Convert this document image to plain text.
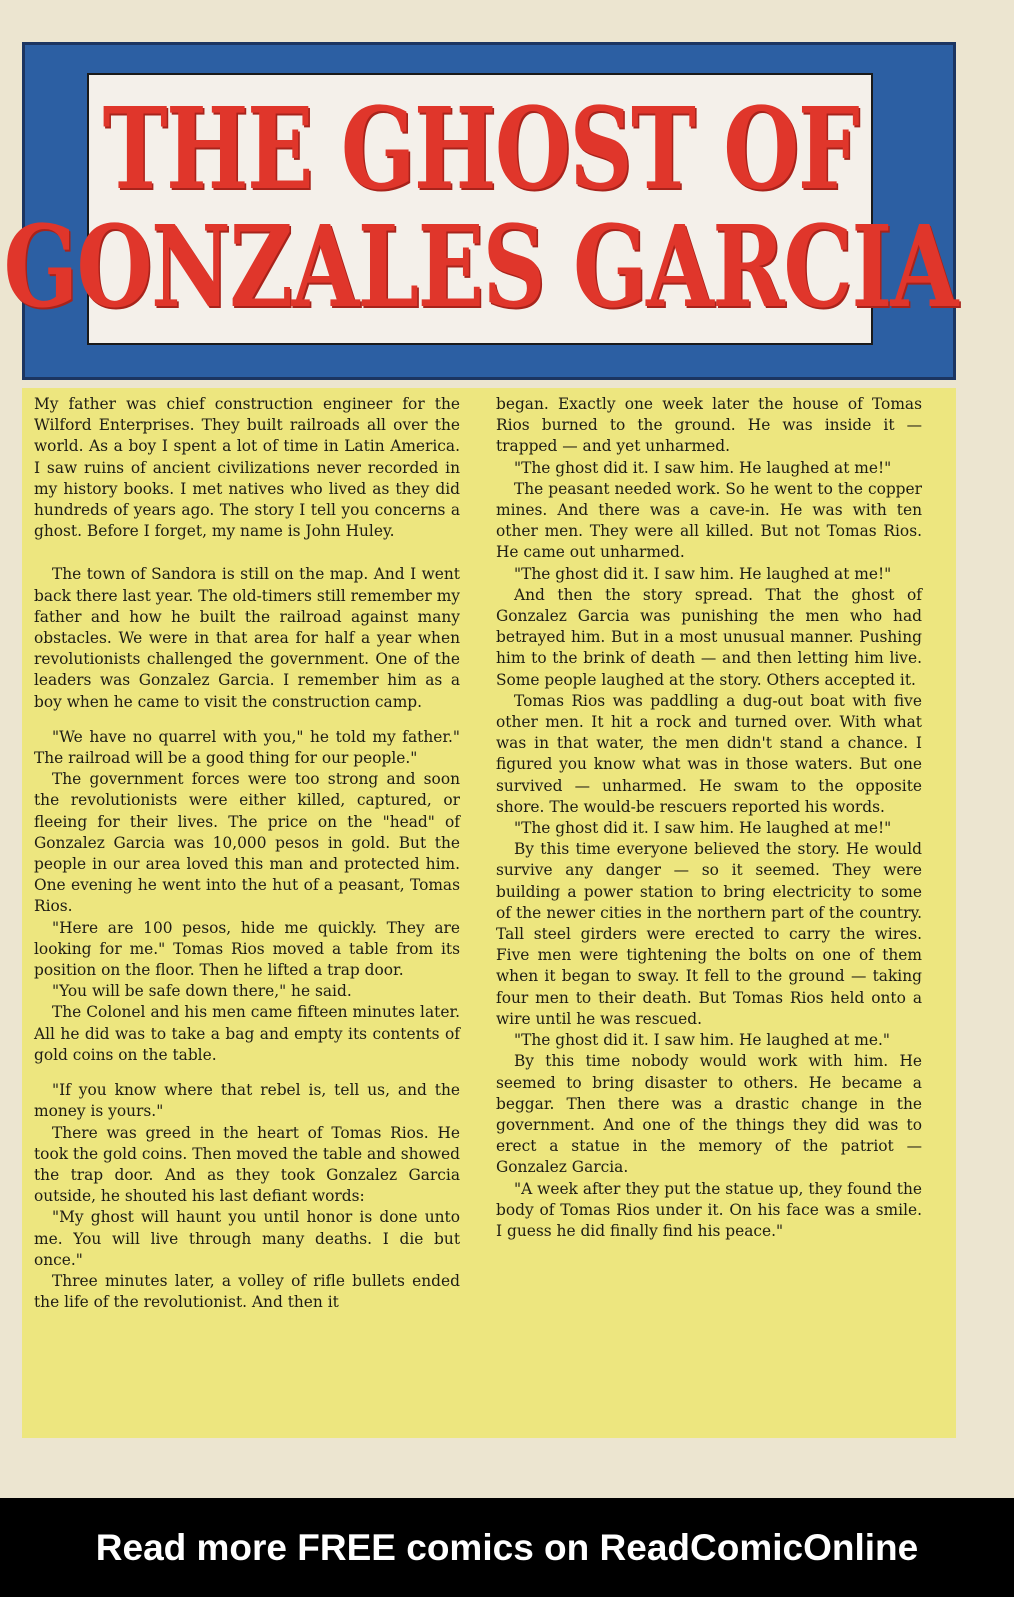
THE GHOST OF
GONZALES GARCIA

My father was chief construction engineer for the Wilford Enterprises. They built railroads all over the world. As a boy I spent a lot of time in Latin America. I saw ruins of ancient civilizations never recorded in my history books. I met natives who lived as they did hundreds of years ago. The story I tell you concerns a ghost. Before I forget, my name is John Huley.

The town of Sandora is still on the map. And I went back there last year. The old-timers still remember my father and how he built the railroad against many obstacles. We were in that area for half a year when revolutionists challenged the government. One of the leaders was Gonzalez Garcia. I remember him as a boy when he came to visit the construction camp.

"We have no quarrel with you," he told my father." The railroad will be a good thing for our people."

The government forces were too strong and soon the revolutionists were either killed, captured, or fleeing for their lives. The price on the "head" of Gonzalez Garcia was 10,000 pesos in gold. But the people in our area loved this man and protected him. One evening he went into the hut of a peasant, Tomas Rios.

"Here are 100 pesos, hide me quickly. They are looking for me." Tomas Rios moved a table from its position on the floor. Then he lifted a trap door.

"You will be safe down there," he said.

The Colonel and his men came fifteen minutes later. All he did was to take a bag and empty its contents of gold coins on the table.

"If you know where that rebel is, tell us, and the money is yours."

There was greed in the heart of Tomas Rios. He took the gold coins. Then moved the table and showed the trap door. And as they took Gonzalez Garcia outside, he shouted his last defiant words:

"My ghost will haunt you until honor is done unto me. You will live through many deaths. I die but once."

Three minutes later, a volley of rifle bullets ended the life of the revolutionist. And then it

began. Exactly one week later the house of Tomas Rios burned to the ground. He was inside it — trapped — and yet unharmed.

"The ghost did it. I saw him. He laughed at me!"

The peasant needed work. So he went to the copper mines. And there was a cave-in. He was with ten other men. They were all killed. But not Tomas Rios. He came out unharmed.

"The ghost did it. I saw him. He laughed at me!"

And then the story spread. That the ghost of Gonzalez Garcia was punishing the men who had betrayed him. But in a most unusual manner. Pushing him to the brink of death — and then letting him live. Some people laughed at the story. Others accepted it.

Tomas Rios was paddling a dug-out boat with five other men. It hit a rock and turned over. With what was in that water, the men didn't stand a chance. I figured you know what was in those waters. But one survived — unharmed. He swam to the opposite shore. The would-be rescuers reported his words.

"The ghost did it. I saw him. He laughed at me!"

By this time everyone believed the story. He would survive any danger — so it seemed. They were building a power station to bring electricity to some of the newer cities in the northern part of the country. Tall steel girders were erected to carry the wires. Five men were tightening the bolts on one of them when it began to sway. It fell to the ground — taking four men to their death. But Tomas Rios held onto a wire until he was rescued.

"The ghost did it. I saw him. He laughed at me."

By this time nobody would work with him. He seemed to bring disaster to others. He became a beggar. Then there was a drastic change in the government. And one of the things they did was to erect a statue in the memory of the patriot — Gonzalez Garcia.

"A week after they put the statue up, they found the body of Tomas Rios under it. On his face was a smile. I guess he did finally find his peace."

Read more FREE comics on ReadComicOnline
